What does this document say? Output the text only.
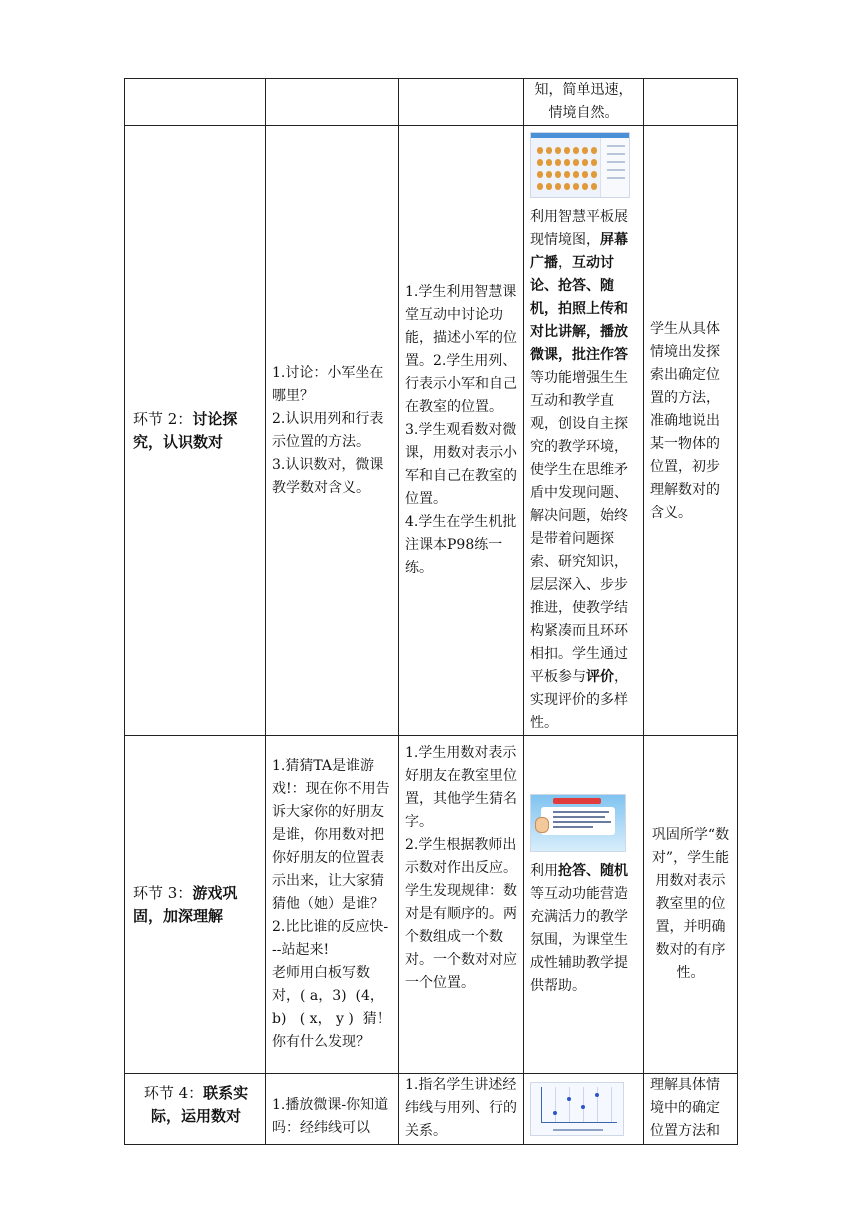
			知，简单迅速，
情境自然。	
环节 2：讨论探究，认识数对	1.讨论：小军坐在哪里？
2.认识用列和行表示位置的方法。
3.认识数对，微课教学数对含义。	1.学生利用智慧课堂互动中讨论功能，描述小军的位置。2.学生用列、行表示小军和自己在教室的位置。
3.学生观看数对微课，用数对表示小军和自己在教室的位置。
4.学生在学生机批注课本P98练一练。	利用智慧平板展现情境图，屏幕广播，互动讨论、抢答、随机，拍照上传和对比讲解，播放微课，批注作答等功能增强生生互动和教学直观，创设自主探究的教学环境，使学生在思维矛盾中发现问题、解决问题，始终是带着问题探索、研究知识，层层深入、步步推进，使教学结构紧凑而且环环相扣。学生通过平板参与评价，实现评价的多样性。	学生从具体情境出发探索出确定位置的方法，准确地说出某一物体的位置，初步理解数对的含义。
环节 3：游戏巩固，加深理解	1.猜猜TA是谁游戏!：现在你不用告诉大家你的好朋友是谁，你用数对把你好朋友的位置表示出来，让大家猜猜他（她）是谁？
2.比比谁的反应快---站起来!
老师用白板写数对，( a，3)  (4，b)   ( x， y )  猜！ 你有什么发现？	1.学生用数对表示好朋友在教室里位置，其他学生猜名字。
2.学生根据教师出示数对作出反应。
学生发现规律：数对是有顺序的。两个数组成一个数对。一个数对对应一个位置。	利用抢答、随机等互动功能营造充满活力的教学氛围，为课堂生成性辅助教学提供帮助。	巩固所学“数对”，学生能用数对表示教室里的位置，并明确数对的有序性。
环节 4：联系实际，运用数对	1.播放微课-你知道吗：经纬线可以	1.指名学生讲述经纬线与用列、行的关系。		理解具体情境中的确定位置方法和
